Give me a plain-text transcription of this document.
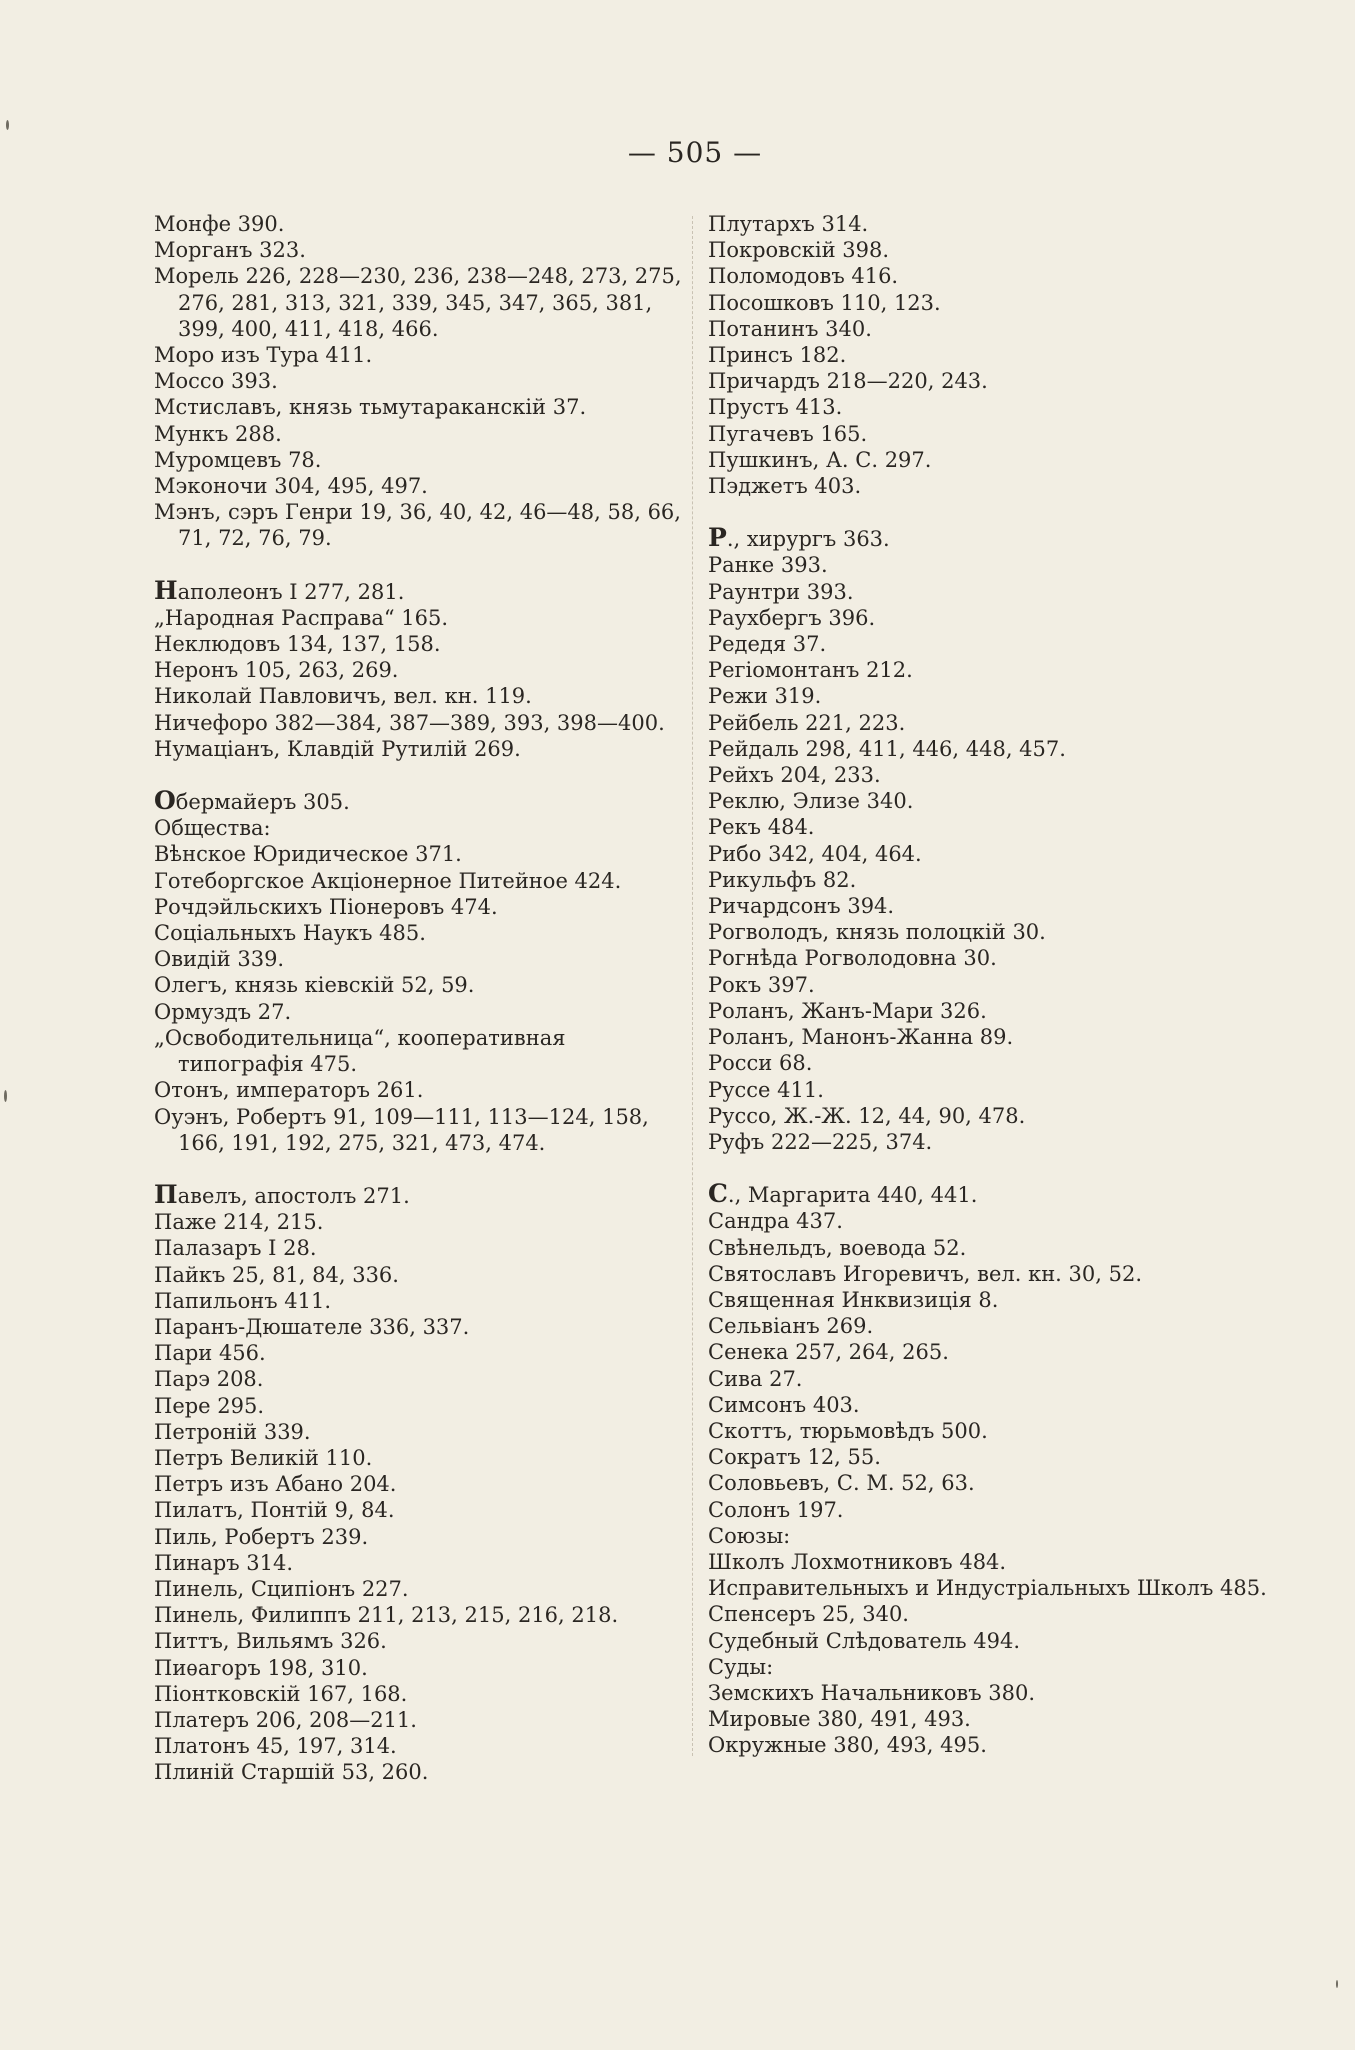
— 505 —
Монфе 390.
Морганъ 323.
Морель 226, 228—230, 236, 238—248, 273, 275, 276, 281, 313, 321, 339, 345, 347, 365, 381, 399, 400, 411, 418, 466.
Моро изъ Тура 411.
Моссо 393.
Мстиславъ, князь тьмутараканскій 37.
Мункъ 288.
Муромцевъ 78.
Мэконочи 304, 495, 497.
Мэнъ, сэръ Генри 19, 36, 40, 42, 46—48, 58, 66, 71, 72, 76, 79.
Наполеонъ I 277, 281.
„Народная Расправа“ 165.
Неклюдовъ 134, 137, 158.
Неронъ 105, 263, 269.
Николай Павловичъ, вел. кн. 119.
Ничефоро 382—384, 387—389, 393, 398—400.
Нумаціанъ, Клавдій Рутилій 269.
Обермайеръ 305.
Общества:
Вѣнское Юридическое 371.
Готеборгское Акціонерное Питейное 424.
Рочдэйльскихъ Піонеровъ 474.
Соціальныхъ Наукъ 485.
Овидій 339.
Олегъ, князь кіевскій 52, 59.
Ормуздъ 27.
„Освободительница“, кооперативная типографія 475.
Отонъ, императоръ 261.
Оуэнъ, Робертъ 91, 109—111, 113—124, 158, 166, 191, 192, 275, 321, 473, 474.
Павелъ, апостолъ 271.
Паже 214, 215.
Палазаръ I 28.
Пайкъ 25, 81, 84, 336.
Папильонъ 411.
Паранъ-Дюшателе 336, 337.
Пари 456.
Парэ 208.
Пере 295.
Петроній 339.
Петръ Великій 110.
Петръ изъ Абано 204.
Пилатъ, Понтій 9, 84.
Пиль, Робертъ 239.
Пинаръ 314.
Пинель, Сципіонъ 227.
Пинель, Филиппъ 211, 213, 215, 216, 218.
Питтъ, Вильямъ 326.
Пиѳагоръ 198, 310.
Піонтковскій 167, 168.
Платеръ 206, 208—211.
Платонъ 45, 197, 314.
Плиній Старшій 53, 260.
Плутархъ 314.
Покровскій 398.
Поломодовъ 416.
Посошковъ 110, 123.
Потанинъ 340.
Принсъ 182.
Причардъ 218—220, 243.
Прустъ 413.
Пугачевъ 165.
Пушкинъ, А. С. 297.
Пэджетъ 403.
Р., хирургъ 363.
Ранке 393.
Раунтри 393.
Раухбергъ 396.
Редедя 37.
Регіомонтанъ 212.
Режи 319.
Рейбель 221, 223.
Рейдаль 298, 411, 446, 448, 457.
Рейхъ 204, 233.
Реклю, Элизе 340.
Рекъ 484.
Рибо 342, 404, 464.
Рикульфъ 82.
Ричардсонъ 394.
Рогволодъ, князь полоцкій 30.
Рогнѣда Рогволодовна 30.
Рокъ 397.
Роланъ, Жанъ-Мари 326.
Роланъ, Манонъ-Жанна 89.
Росси 68.
Руссе 411.
Руссо, Ж.-Ж. 12, 44, 90, 478.
Руфъ 222—225, 374.
С., Маргарита 440, 441.
Сандра 437.
Свѣнельдъ, воевода 52.
Святославъ Игоревичъ, вел. кн. 30, 52.
Священная Инквизиція 8.
Сельвіанъ 269.
Сенека 257, 264, 265.
Сива 27.
Симсонъ 403.
Скоттъ, тюрьмовѣдъ 500.
Сократъ 12, 55.
Соловьевъ, С. М. 52, 63.
Солонъ 197.
Союзы:
Школъ Лохмотниковъ 484.
Исправительныхъ и Индустріальныхъ Школъ 485.
Спенсеръ 25, 340.
Судебный Слѣдователь 494.
Суды:
Земскихъ Начальниковъ 380.
Мировые 380, 491, 493.
Окружные 380, 493, 495.
